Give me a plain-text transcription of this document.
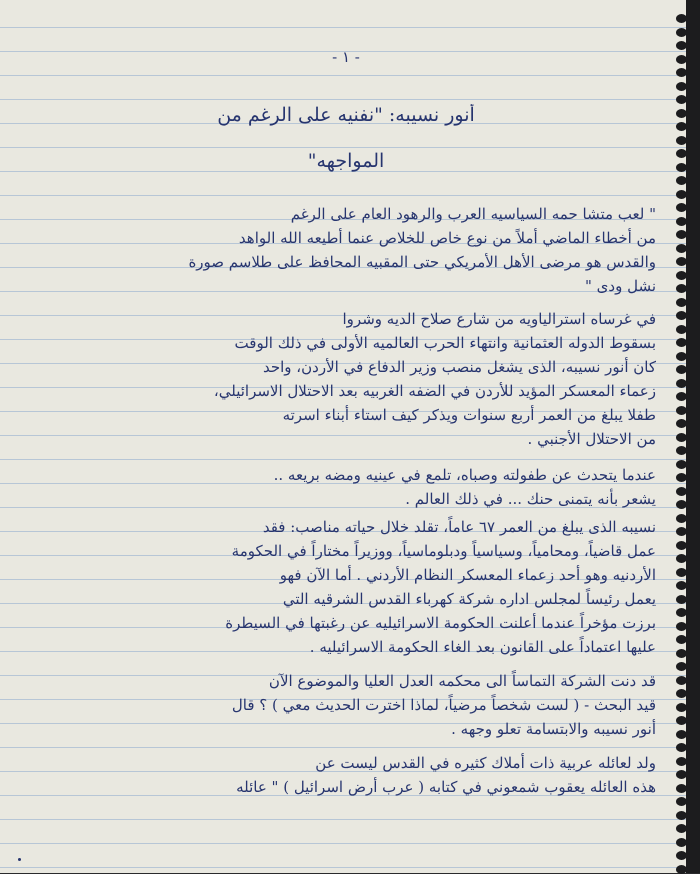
- ١ -
أنور نسيبه: "نفنيه على الرغم من
المواجهه"
" لعب متشا حمه السياسيه العرب والرهود العام على الرغم
من أخطاء الماضي أملاً من نوع خاص للخلاص عنما أطيعه الله الواهد
والقدس هو مرضى الأهل الأمريكي حتى المقبيه المحافظ على طلاسم صورة
نشل ودى "
في غرساه استرالياويه من شارع صلاح الديه وشروا
بسقوط الدوله العثمانية وانتهاء الحرب العالميه الأولى في ذلك الوقت
كان أنور نسيبه، الذى يشغل منصب وزير الدفاع في الأردن، واحد
زعماء المعسكر المؤيد للأردن في الضفه الغربيه بعد الاحتلال الاسرائيلي،
طفلا يبلغ من العمر أربع سنوات ويذكر كيف استاء أبناء اسرته
من الاحتلال الأجنبي .
عندما يتحدث عن طفولته وصباه، تلمع في عينيه ومضه بريعه ..
يشعر بأنه يتمنى حنك ... في ذلك العالم .
نسيبه الذى يبلغ من العمر ٦٧ عاماً، تقلد خلال حياته مناصب: فقد
عمل قاضياً، ومحامياً، وسياسياً ودبلوماسياً، ووزيراً مختاراً في الحكومة
الأردنيه وهو أحد زعماء المعسكر النظام الأردني . أما الآن فهو
يعمل رئيساً لمجلس اداره شركة كهرباء القدس الشرقيه التي
برزت مؤخراً عندما أعلنت الحكومة الاسرائيليه عن رغبتها في السيطرة
عليها اعتماداً على القانون بعد الغاء الحكومة الاسرائيليه .
قد دنت الشركة التماساً الى محكمه العدل العليا والموضوع الآن
قيد البحث - ( لست شخصاً مرضياً، لماذا اخترت الحديث معي ) ؟ قال
أنور نسيبه والابتسامة تعلو وجهه .
ولد لعائله عربية ذات أملاك كثيره في القدس ليست عن
هذه العائله يعقوب شمعوني في كتابه ( عرب أرض اسرائيل ) " عائله
